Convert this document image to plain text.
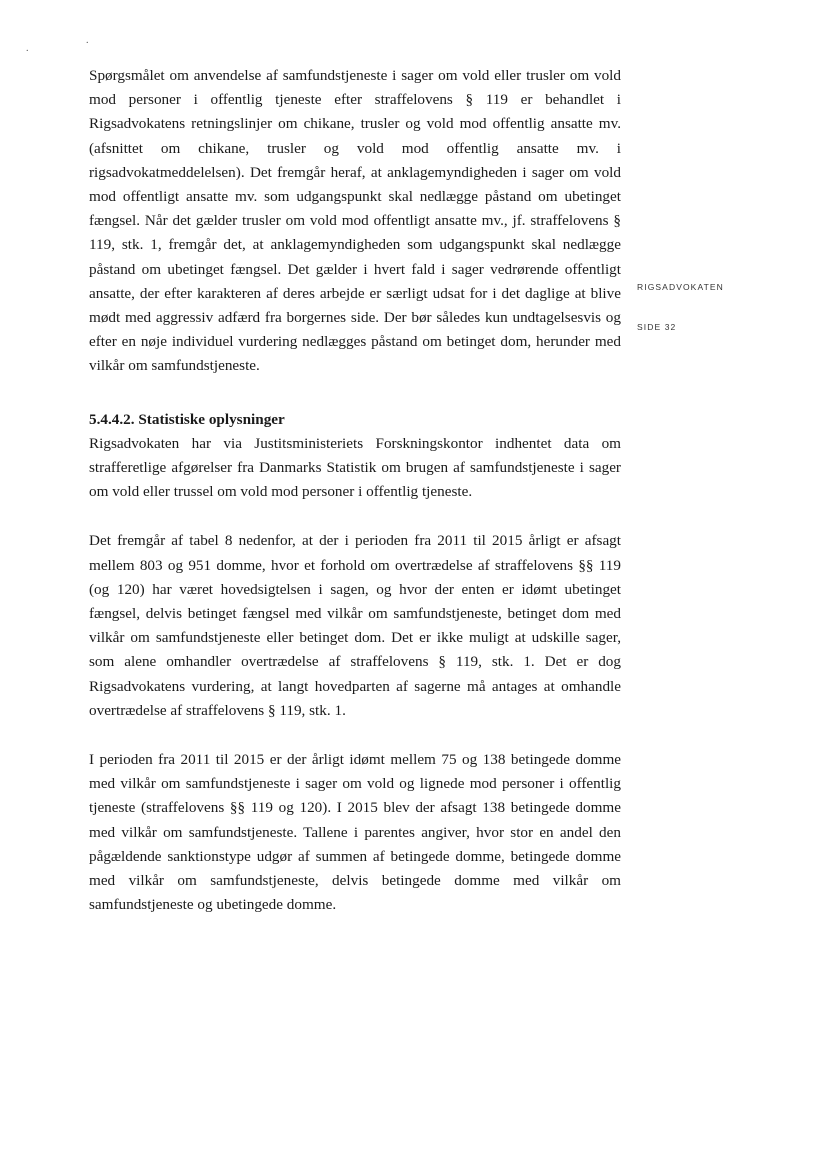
.
.

Spørgsmålet om anvendelse af samfundstjeneste i sager om vold eller trusler om vold mod personer i offentlig tjeneste efter straffelovens § 119 er behandlet i Rigsadvokatens retningslinjer om chikane, trusler og vold mod offentlig ansatte mv. (afsnittet om chikane, trusler og vold mod offentlig ansatte mv. i rigsadvokatmeddelelsen). Det fremgår heraf, at anklagemyndigheden i sager om vold mod offentligt ansatte mv. som udgangspunkt skal nedlægge påstand om ubetinget fængsel. Når det gælder trusler om vold mod offentligt ansatte mv., jf. straffelovens § 119, stk. 1, fremgår det, at anklagemyndigheden som udgangspunkt skal nedlægge påstand om ubetinget fængsel. Det gælder i hvert fald i sager vedrørende offentligt ansatte, der efter karakteren af deres arbejde er særligt udsat for i det daglige at blive mødt med aggressiv adfærd fra borgernes side. Der bør således kun undtagelsesvis og efter en nøje individuel vurdering nedlægges påstand om betinget dom, herunder med vilkår om samfundstjeneste.

5.4.4.2. Statistiske oplysninger

Rigsadvokaten har via Justitsministeriets Forskningskontor indhentet data om strafferetlige afgørelser fra Danmarks Statistik om brugen af samfundstjeneste i sager om vold eller trussel om vold mod personer i offentlig tjeneste.

Det fremgår af tabel 8 nedenfor, at der i perioden fra 2011 til 2015 årligt er afsagt mellem 803 og 951 domme, hvor et forhold om overtrædelse af straffelovens §§ 119 (og 120) har været hovedsigtelsen i sagen, og hvor der enten er idømt ubetinget fængsel, delvis betinget fængsel med vilkår om samfundstjeneste, betinget dom med vilkår om samfundstjeneste eller betinget dom. Det er ikke muligt at udskille sager, som alene omhandler overtrædelse af straffelovens § 119, stk. 1. Det er dog Rigsadvokatens vurdering, at langt hovedparten af sagerne må antages at omhandle overtrædelse af straffelovens § 119, stk. 1.

I perioden fra 2011 til 2015 er der årligt idømt mellem 75 og 138 betingede domme med vilkår om samfundstjeneste i sager om vold og lignede mod personer i offentlig tjeneste (straffelovens §§ 119 og 120). I 2015 blev der afsagt 138 betingede domme med vilkår om samfundstjeneste. Tallene i parentes angiver, hvor stor en andel den pågældende sanktionstype udgør af summen af betingede domme, betingede domme med vilkår om samfundstjeneste, delvis betingede domme med vilkår om samfundstjeneste og ubetingede domme.

RIGSADVOKATEN
SIDE 32
